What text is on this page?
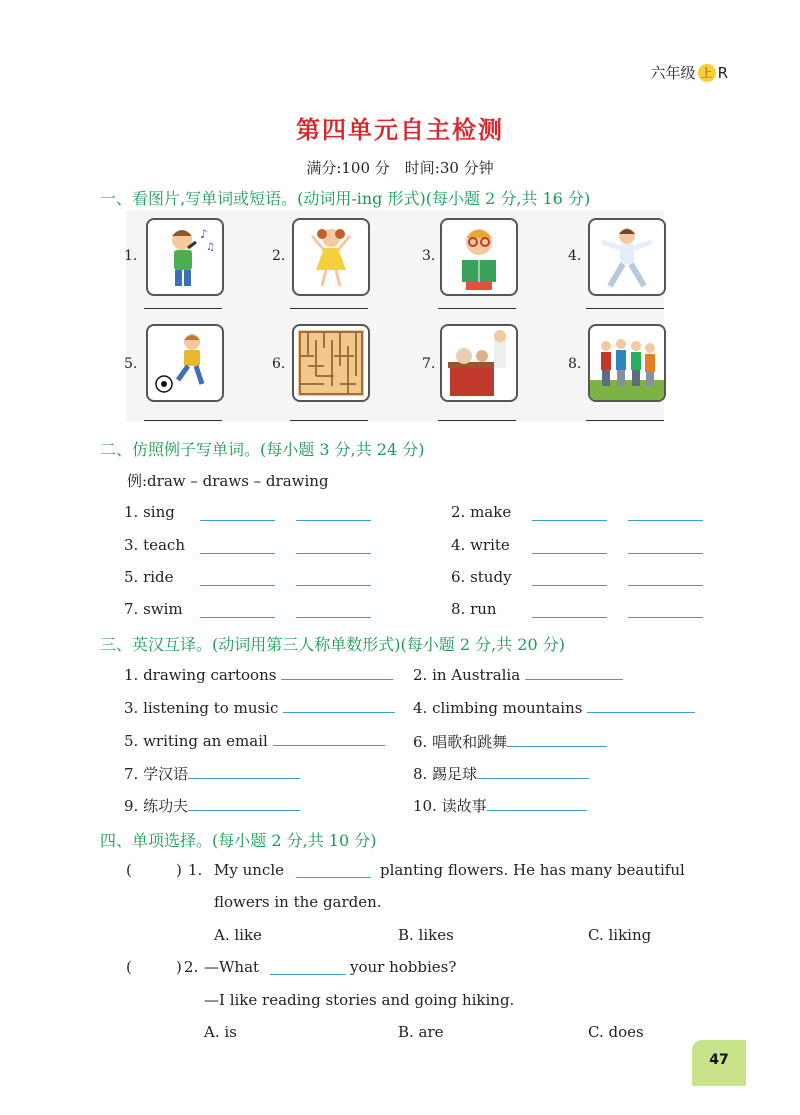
六年级 上 R
第四单元自主检测
满分:100 分　时间:30 分钟
一、看图片,写单词或短语。(动词用-ing 形式)(每小题 2 分,共 16 分)
1.
♪
♫
2.	3.	4.
5.	6.	7.	8.
二、仿照例子写单词。(每小题 3 分,共 24 分)
例:draw – draws – drawing
1. sing	2. make
3. teach	4. write
5. ride	6. study
7. swim	8. run
三、英汉互译。(动词用第三人称单数形式)(每小题 2 分,共 20 分)
1. drawing cartoons	2. in Australia
3. listening to music	4. climbing mountains
5. writing an email	6. 唱歌和跳舞
7. 学汉语	8. 踢足球
9. 练功夫	10. 读故事
四、单项选择。(每小题 2 分,共 10 分)
(	) 1. My uncle	planting flowers. He has many beautiful
flowers in the garden.
A. like	B. likes	C. liking
(	) 2. —What	your hobbies?
—I like reading stories and going hiking.
A. is	B. are	C. does
47
